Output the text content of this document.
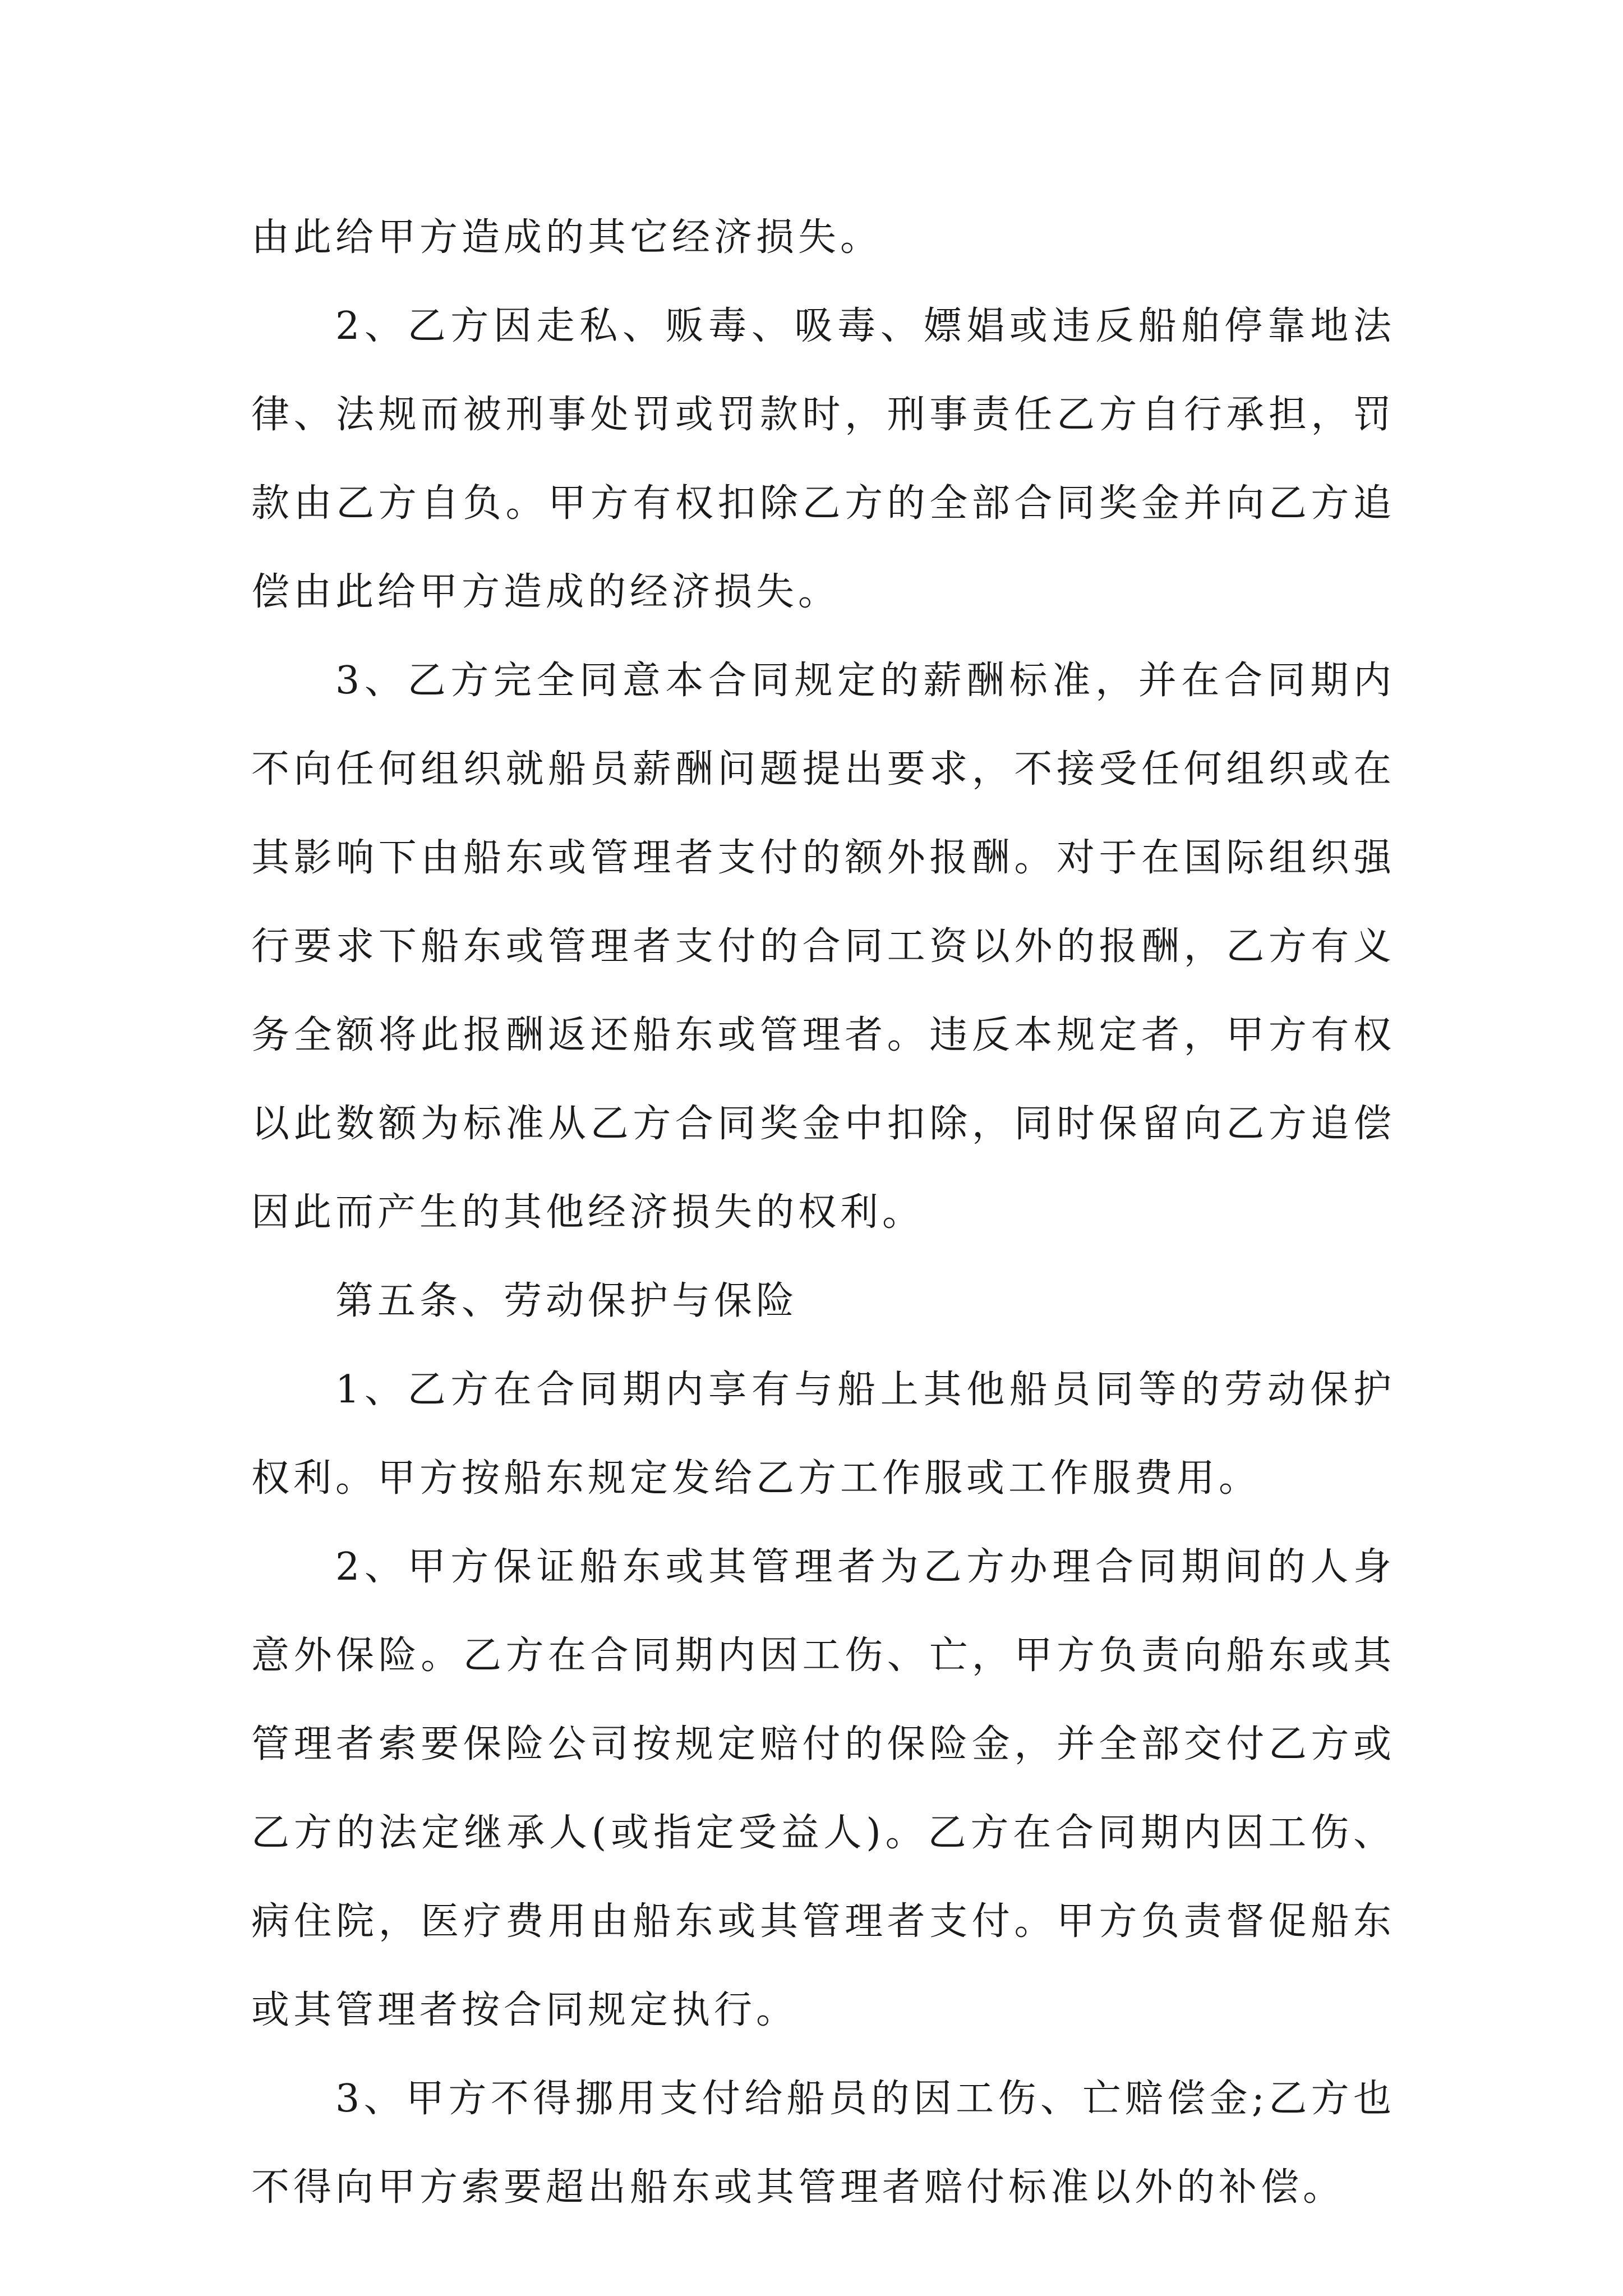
由此给甲方造成的其它经济损失。

2、乙方因走私、贩毒、吸毒、嫖娼或违反船舶停靠地法律、法规而被刑事处罚或罚款时，刑事责任乙方自行承担，罚款由乙方自负。甲方有权扣除乙方的全部合同奖金并向乙方追偿由此给甲方造成的经济损失。

3、乙方完全同意本合同规定的薪酬标准，并在合同期内不向任何组织就船员薪酬问题提出要求，不接受任何组织或在其影响下由船东或管理者支付的额外报酬。对于在国际组织强行要求下船东或管理者支付的合同工资以外的报酬，乙方有义务全额将此报酬返还船东或管理者。违反本规定者，甲方有权以此数额为标准从乙方合同奖金中扣除，同时保留向乙方追偿因此而产生的其他经济损失的权利。

第五条、劳动保护与保险

1、乙方在合同期内享有与船上其他船员同等的劳动保护权利。甲方按船东规定发给乙方工作服或工作服费用。

2、甲方保证船东或其管理者为乙方办理合同期间的人身意外保险。乙方在合同期内因工伤、亡，甲方负责向船东或其管理者索要保险公司按规定赔付的保险金，并全部交付乙方或乙方的法定继承人(或指定受益人)。乙方在合同期内因工伤、病住院，医疗费用由船东或其管理者支付。甲方负责督促船东或其管理者按合同规定执行。

3、甲方不得挪用支付给船员的因工伤、亡赔偿金;乙方也不得向甲方索要超出船东或其管理者赔付标准以外的补偿。
